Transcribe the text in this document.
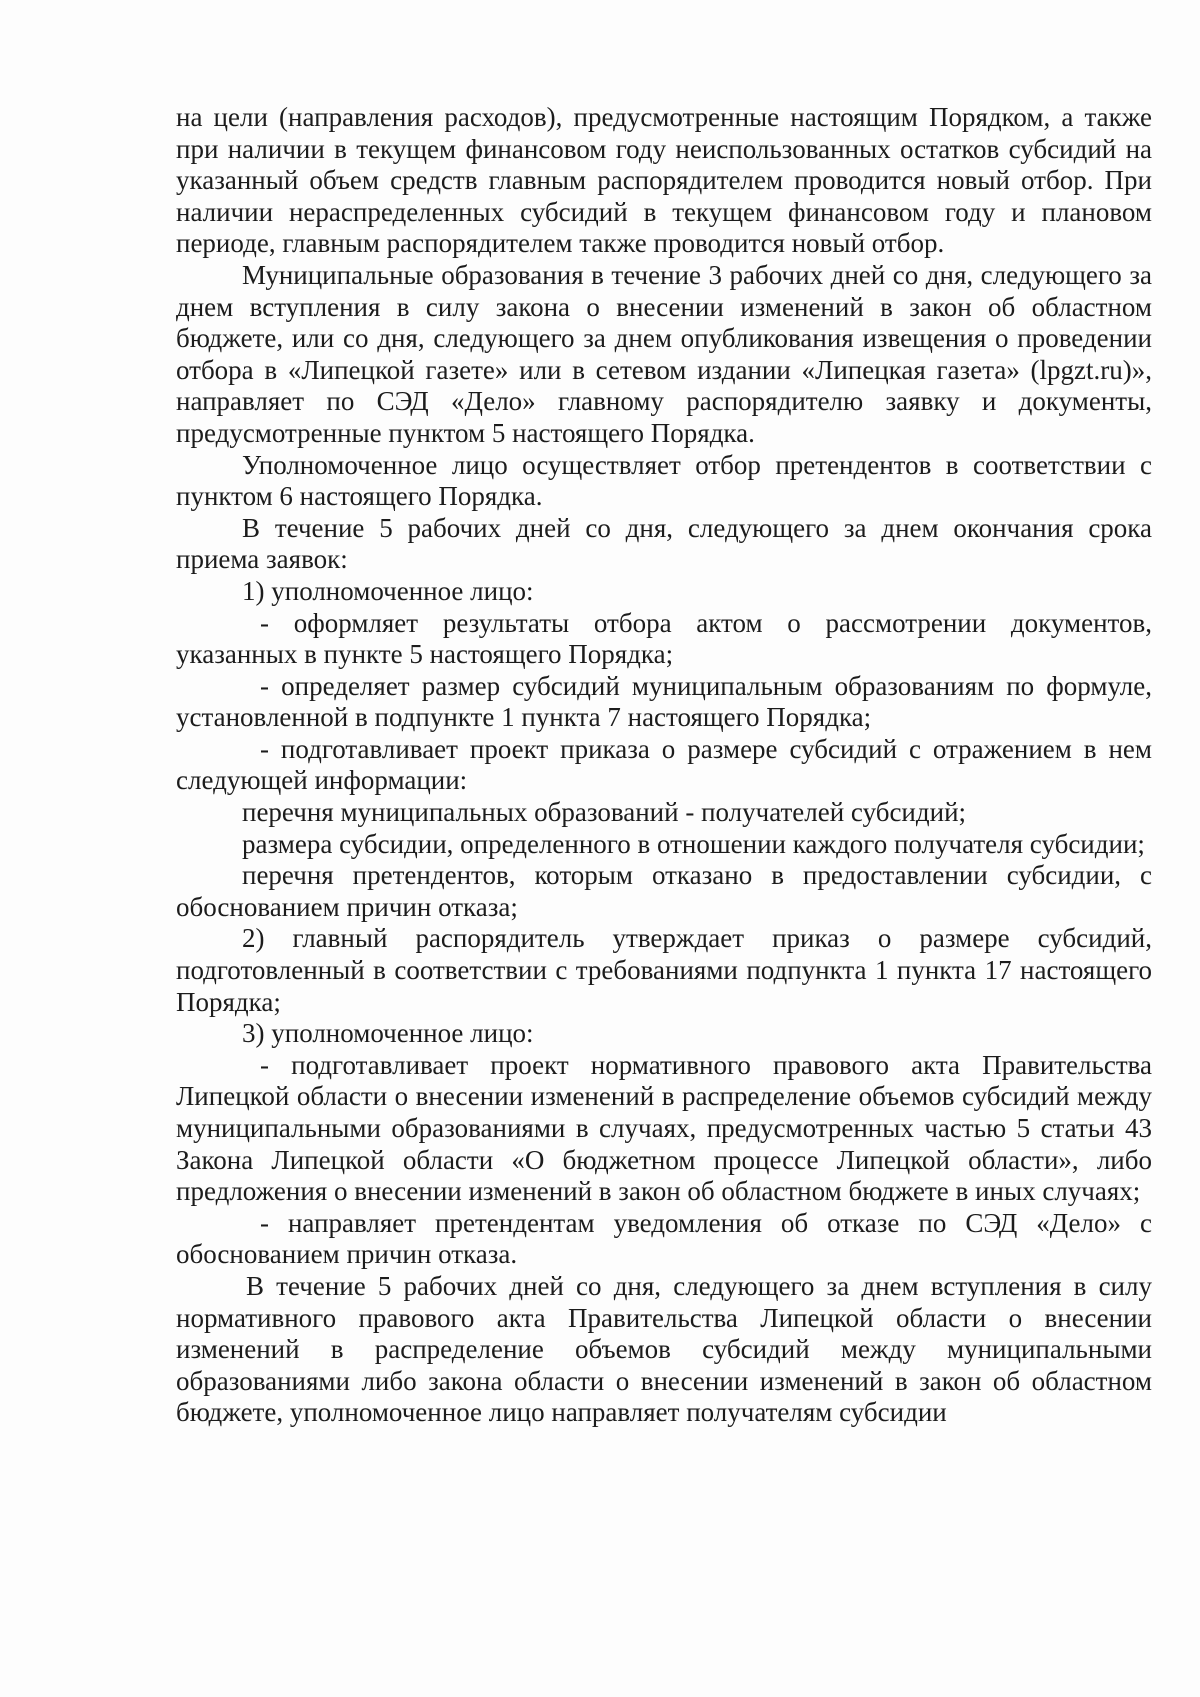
на цели (направления расходов), предусмотренные настоящим Порядком, а также при наличии в текущем финансовом году неиспользованных остатков субсидий на указанный объем средств главным распорядителем проводится новый отбор. При наличии нераспределенных субсидий в текущем финансовом году и плановом периоде, главным распорядителем также проводится новый отбор.

Муниципальные образования в течение 3 рабочих дней со дня, следующего за днем вступления в силу закона о внесении изменений в закон об областном бюджете, или со дня, следующего за днем опубликования извещения о проведении отбора в «Липецкой газете» или в сетевом издании «Липецкая газета» (lpgzt.ru)», направляет по СЭД «Дело» главному распорядителю заявку и документы, предусмотренные пунктом 5 настоящего Порядка.

Уполномоченное лицо осуществляет отбор претендентов в соответствии с пунктом 6 настоящего Порядка.

В течение 5 рабочих дней со дня, следующего за днем окончания срока приема заявок:

1) уполномоченное лицо:

- оформляет результаты отбора актом о рассмотрении документов, указанных в пункте 5 настоящего Порядка;

- определяет размер субсидий муниципальным образованиям по формуле, установленной в подпункте 1 пункта 7 настоящего Порядка;

- подготавливает проект приказа о размере субсидий с отражением в нем следующей информации:

перечня муниципальных образований - получателей субсидий;

размера субсидии, определенного в отношении каждого получателя субсидии;

перечня претендентов, которым отказано в предоставлении субсидии, с обоснованием причин отказа;

2) главный распорядитель утверждает приказ о размере субсидий, подготовленный в соответствии с требованиями подпункта 1 пункта 17 настоящего Порядка;

3) уполномоченное лицо:

- подготавливает проект нормативного правового акта Правительства Липецкой области о внесении изменений в распределение объемов субсидий между муниципальными образованиями в случаях, предусмотренных частью 5 статьи 43 Закона Липецкой области «О бюджетном процессе Липецкой области», либо предложения о внесении изменений в закон об областном бюджете в иных случаях;

- направляет претендентам уведомления об отказе по СЭД «Дело» с обоснованием причин отказа.

В течение 5 рабочих дней со дня, следующего за днем вступления в силу нормативного правового акта Правительства Липецкой области о внесении изменений в распределение объемов субсидий между муниципальными образованиями либо закона области о внесении изменений в закон об областном бюджете, уполномоченное лицо направляет получателям субсидии
